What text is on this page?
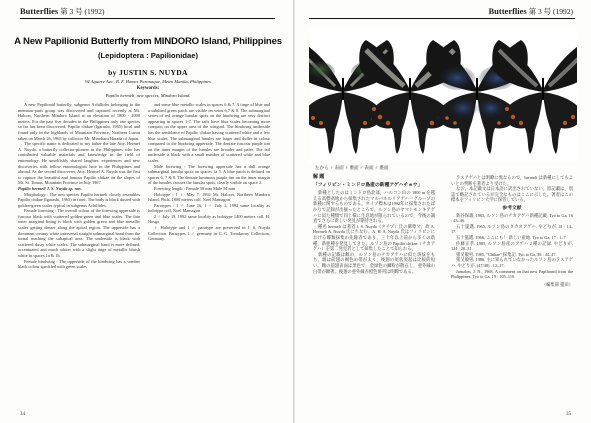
Butterflies 第 3 号 (1992)
A New Papilionid Butterfly from MINDORO Island, Philippines
(Lepidoptera : Papilionidae)
by JUSTIN S. NUYDA
94 Aguirre Ave., B. F. Homes Paranaque, Metro Manila, Philippines
Keywords:
Papilio hermeli, new species, Mindoro Island.

A new Papilionid butterfly, subgenus Achillides belonging to the memnon-paris group was discovered and captured recently at Mt. Halcon, Northern Mindoro Island at an elevation of 1800 - 2000 meters. For the past five decades in the Philippines only one species so far has been discovered, Papilio chikae (Igarashi, 1965) local and found only in the highlands of Mountain Province, Northern Luzon taken on March 26, 1965 by collector Mr. Minoharu Harada of Japan.

The specific name is dedicated to my father the late Atty. Hermel A. Nuyda, a butterfly collector-pioneer in the Philippines who has contributed valuable materials and knowledge in the field of entomology. He unselfishly shared laughter, experiences and new discoveries with fellow entomologists here in the Philippines and abroad. As the second discoverer, Atty. Hermel A. Nuyda was the first to capture the beautiful and famous Papilio chikae on the slopes of Mt. St. Tomas, Mountain Province in July 1967.

Papilio hermeli J. S. Nuyda sp. nov.

Morphology : The new species Papilio hermeli closely resembles Papilio chikae (Igarashi, 1965) in front. The body is black dusted with golden-green scales typical in subgenus Achillides.

Female forewing : The overall colour of the forewing upperside is fuscous black with scattered golden-green and blue scales. The thin outer marginal lining is black with golden green and blue metallic scales getting denser along the apical region. The upperside has a dominant creamy white intervenal straight submarginal band from the tornal reaching the subapical area. The underside is black with scattered dusty white scales. The submarginal band is more defined, accentuated and much whiter with a slight tinge of metallic bluish white in spaces 1a & 1b.

Female hindwing : The upperside of the hindwing has a somber black colour speckled with green scales

and some blue metallic scales in spaces 6 & 7. A tinge of blue and a subdued green patch are visible on veins 6,7 & 8. The submarginal series of red orange lunular spots on the hindwing are very distinct appearing in spaces 1-7. The tails have blue scales becoming more compact on the upper area of the wingtail. The hindwing underside has the semblance of Papilio chikae having scattered white and a few blue scales. The submarginal lunules are larger and duller in colour compared to the hindwing upperside. The dentate fuscous purple tint on the inner margin of the lunules are broader and paler. The tail underside is black with a small number of scattered white and blue scales.

Male forewing : The forewing upperside has a dull orange submarginal lunular spots on spaces 1a 3. A blue patch is defined on spaces 6, 7 & 8. The dentate luminous purple tint on the inner margin of the lunules crosses the lunular spots, clearly visible on space 2.

Forewing length : Female 58 mm Male 54 mm

Holotype : 1 ♀ May 7, 1992 Mt. Halcon, Northern Mindoro Island, Phils. 1800 meters coll. Noel Mamagon

Paratypes : 1 ♂ June 16, 1 ♂ July 2, 1992 same locality as holotype coll. Noel Mamagon

2 ♂ July 19, 1992 same locality as holotype 1400 meters coll. H. Hosgo

♀ Holotype and 1 ♂ paratype are preserved in J. S. Nuyda Collection. Paratypes 1 ♂ germany in C. G. Treadaway Collection, Germany.

34
Butterflies 第 3 号 (1992)
左から ♀ 表面 ♀ 裏面 ♂ 表面 ♂ 裏面
解 題
「フィリピン・ミンドロ島産の新種アゲハチョウ」

新種としたのはミンドロ島北部，ハルコン山の 1800 m を越える高標高地から採集されたマルバネルリアゲハ一グループの新種に関するものである。タイプ標本は1992年に採集されたばかりで記録が出揃ったところで，ルソン島のヤマトモンキアゲハに似た種類で同じ様に生息地が限られているので，今後の調査でさらに新しい発見が期待される。

種名 hermeli は著者 J. S. Nuyda（タイプ）氏の御尊父，故 A. Hermeli A. Nuyda 氏にちなむ。A. H. A. Nuyda 氏はフィリピンにおける蝶類採集の先駆者であり，三十年以上前から多くの新種，新亜種を発見してきた。ルソン島の Papilio chikae（チカアゲハ）を第二発見者として採集したことで知られる。

新種の記載は雌の，ルソン島のチカアゲハに似た斑紋をもち，雄は前翅の褐色の帯が太く，後翅の尾状突起は比較的短い。雌の前翅表面は黒色で，金緑色の鱗粉が散在し，亜外縁の白帯が顕著。後翅の亜外縁赤橙色斑列は明瞭である。

ラスアゲハとは明瞭に異なるので，hermeli は新種にしてもよいとの判断を著者より受けた。

なお，本記載文は日本語に訳出されていない。原記載は，別誌で略記されているが完全なものはここに示した。著者はこの標本をフィリピン大学に保管している。

参考文献

新谷保雄, 1965, ルソン島のチカアゲハ新種記載. Tyo to Ga, 16 : 43–46.

五十嵐邁, 1965, ルソン島のタカオアゲハ. やどりが, 41 : 14–17.

五十嵐邁, 1966, ここにも！ 新しい産地. Tyo to Ga, 17 : 1–7.

佐藤正孝, 1985, ルソン島産のアゲハ 2 種の記録. やどりが, 124 : 28–31.

猪又敏男, 1985, "Chikae" 採集記. Tyo to Ga, 36 : 44–47.

猪又敏男, 1986, 主に知られていなかったルソン島のラスアゲハ. やどりが, (47/48) : 12–17.

Jumalon, J. N., 1968, A comment on that new Papilionid from the Philippines. Tyo to Ga, 19 : 105–110.

（編集部 猪田）
35
